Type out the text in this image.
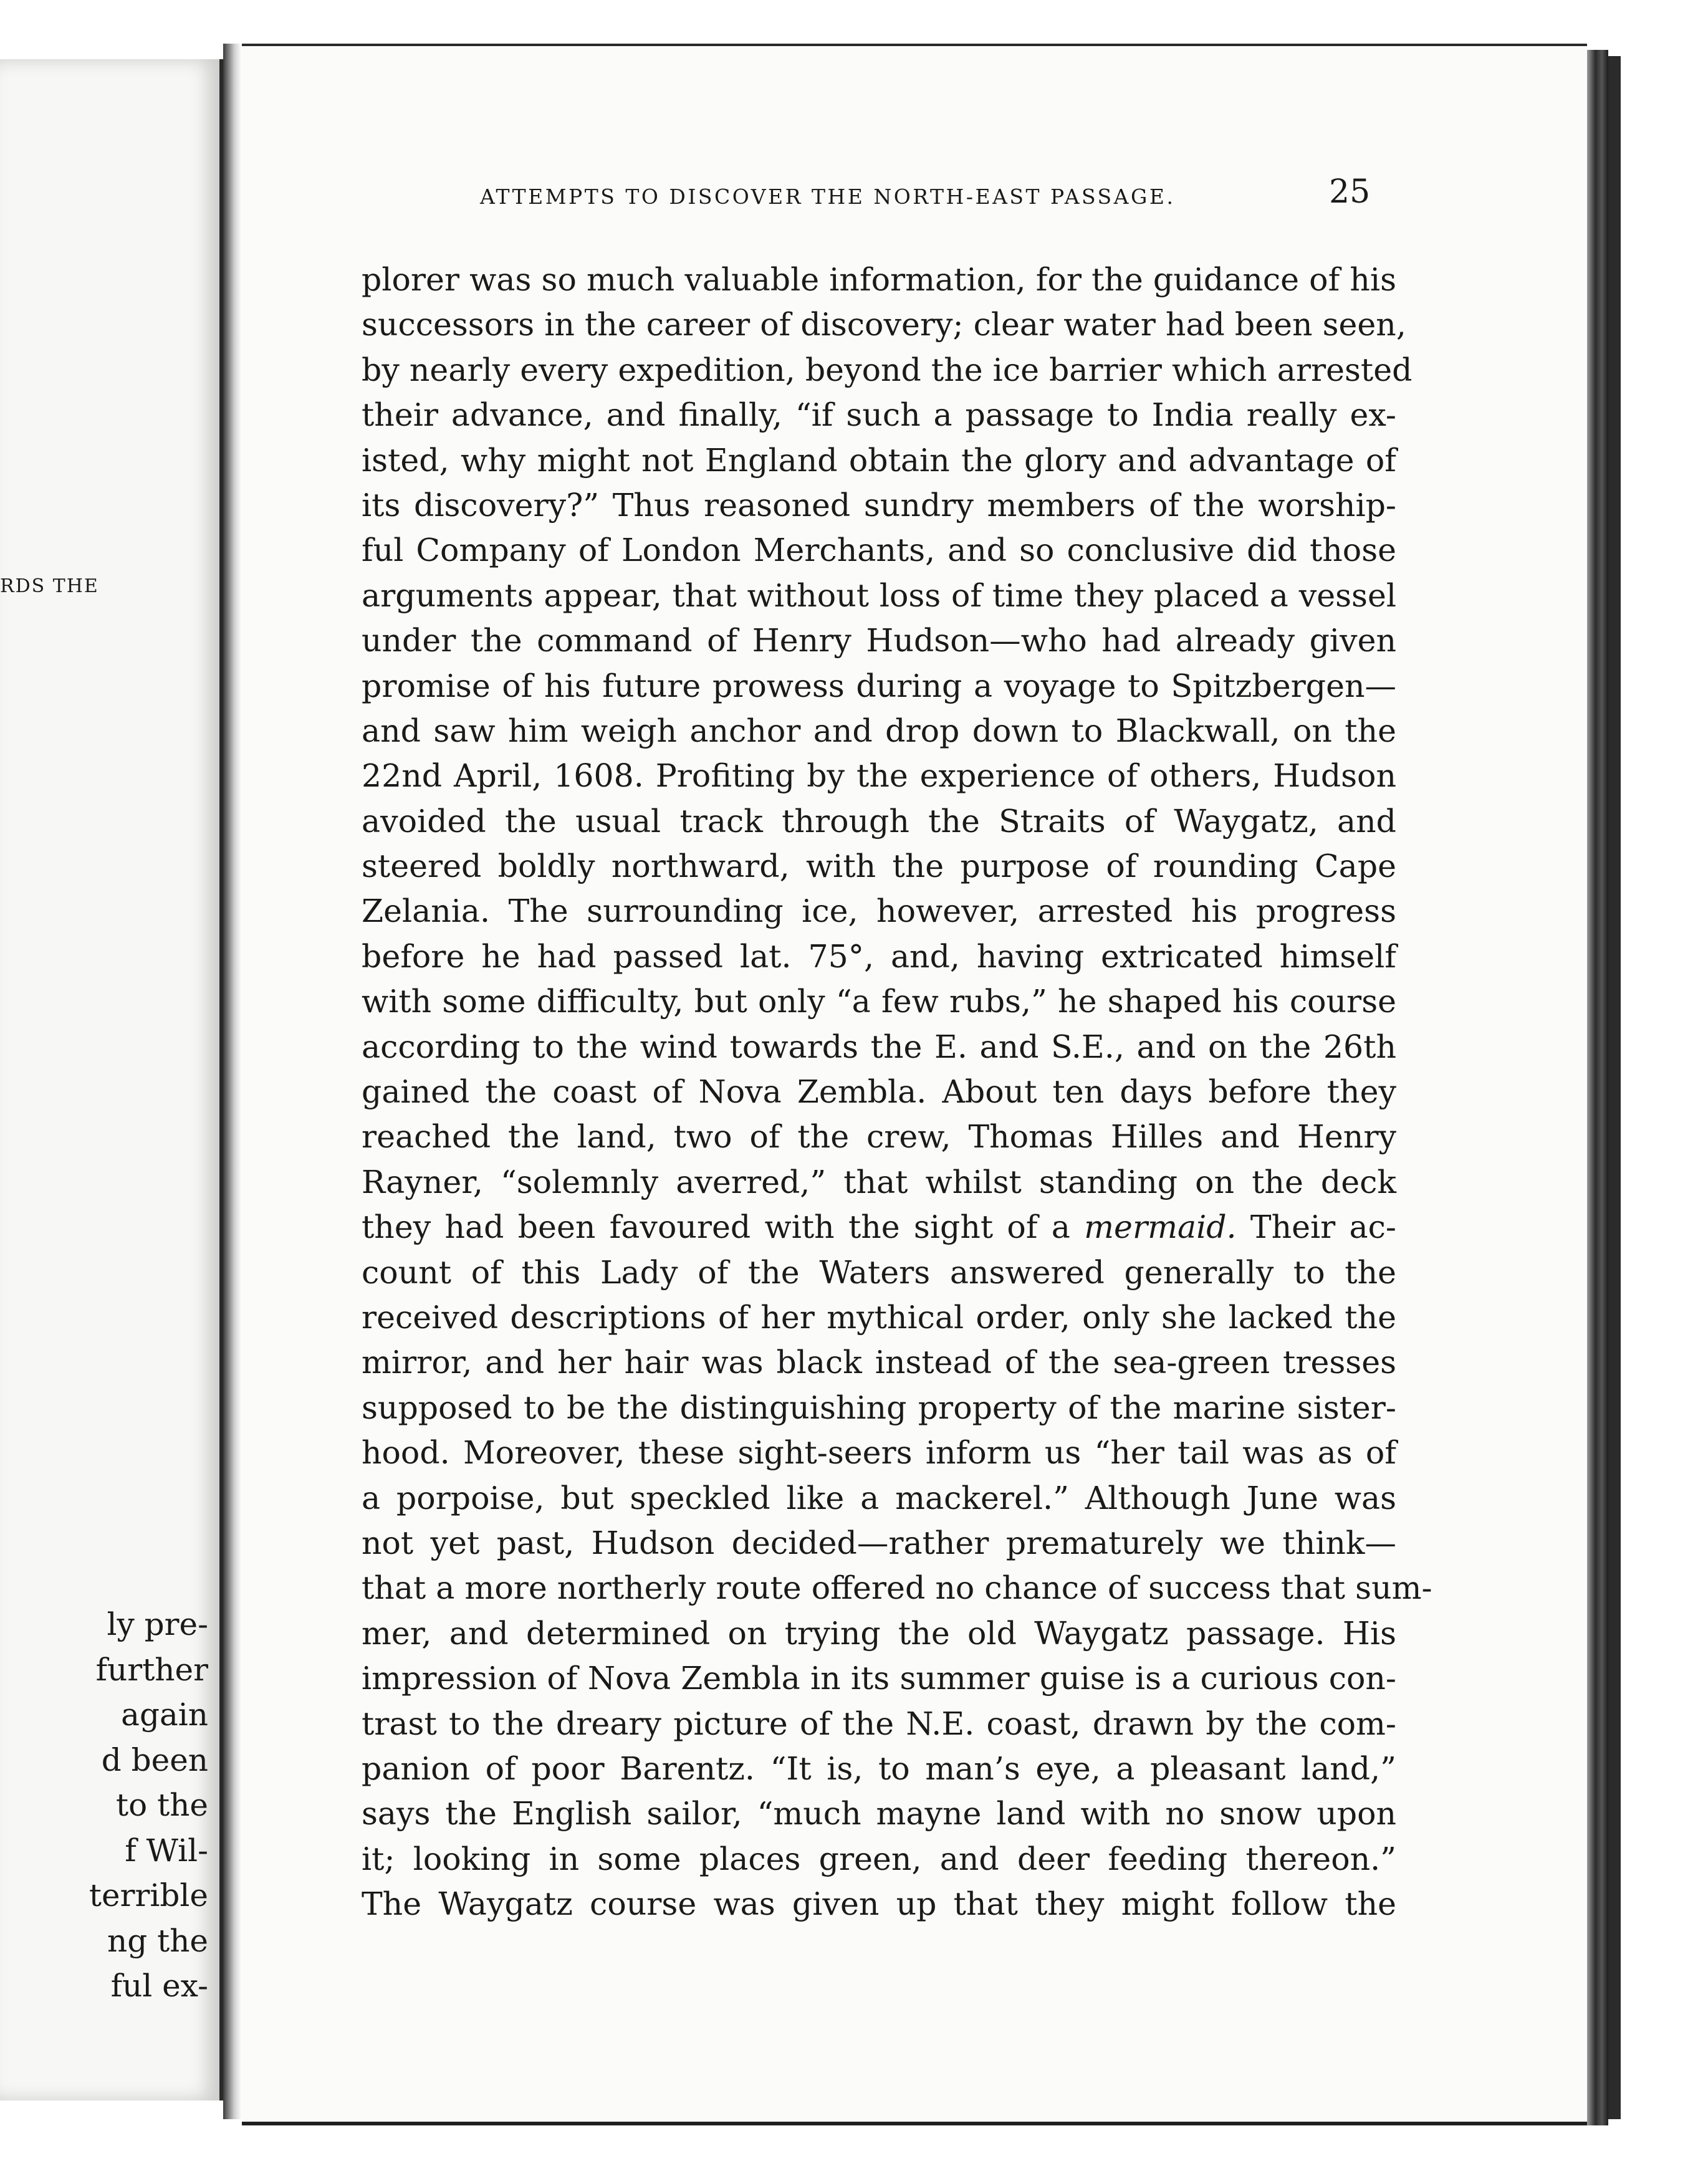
RDS THE
ly pre-
further
again
d been
to the
f Wil-
terrible
ng the
ful ex-
ATTEMPTS TO DISCOVER THE NORTH-EAST PASSAGE.	25
plorer was so much valuable information, for the guidance of his
successors in the career of discovery; clear water had been seen,
by nearly every expedition, beyond the ice barrier which arrested
their advance, and finally, “if such a passage to India really ex-
isted, why might not England obtain the glory and advantage of
its discovery?” Thus reasoned sundry members of the worship-
ful Company of London Merchants, and so conclusive did those
arguments appear, that without loss of time they placed a vessel
under the command of Henry Hudson—who had already given
promise of his future prowess during a voyage to Spitzbergen—
and saw him weigh anchor and drop down to Blackwall, on the
22nd April, 1608. Profiting by the experience of others, Hudson
avoided the usual track through the Straits of Waygatz, and
steered boldly northward, with the purpose of rounding Cape
Zelania. The surrounding ice, however, arrested his progress
before he had passed lat. 75°, and, having extricated himself
with some difficulty, but only “a few rubs,” he shaped his course
according to the wind towards the E. and S.E., and on the 26th
gained the coast of Nova Zembla. About ten days before they
reached the land, two of the crew, Thomas Hilles and Henry
Rayner, “solemnly averred,” that whilst standing on the deck
they had been favoured with the sight of a mermaid. Their ac-
count of this Lady of the Waters answered generally to the
received descriptions of her mythical order, only she lacked the
mirror, and her hair was black instead of the sea-green tresses
supposed to be the distinguishing property of the marine sister-
hood. Moreover, these sight-seers inform us “her tail was as of
a porpoise, but speckled like a mackerel.” Although June was
not yet past, Hudson decided—rather prematurely we think—
that a more northerly route offered no chance of success that sum-
mer, and determined on trying the old Waygatz passage. His
impression of Nova Zembla in its summer guise is a curious con-
trast to the dreary picture of the N.E. coast, drawn by the com-
panion of poor Barentz. “It is, to man’s eye, a pleasant land,”
says the English sailor, “much mayne land with no snow upon
it; looking in some places green, and deer feeding thereon.”
The Waygatz course was given up that they might follow the
